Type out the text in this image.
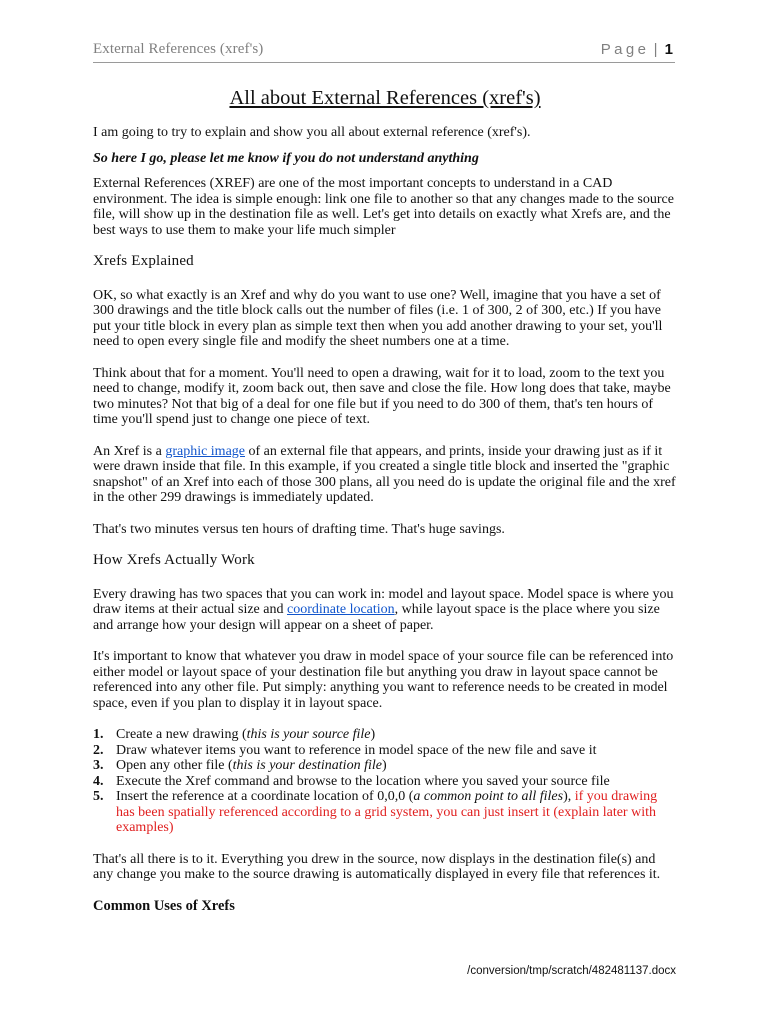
External References (xref's)	Page | 1
All about External References (xref's)

I am going to try to explain and show you all about external reference (xref's).

So here I go, please let me know if you do not understand anything

External References (XREF) are one of the most important concepts to understand in a CAD environment. The idea is simple enough: link one file to another so that any changes made to the source file, will show up in the destination file as well. Let's get into details on exactly what Xrefs are, and the best ways to use them to make your life much simpler

Xrefs Explained

OK, so what exactly is an Xref and why do you want to use one? Well, imagine that you have a set of 300 drawings and the title block calls out the number of files (i.e. 1 of 300, 2 of 300, etc.) If you have put your title block in every plan as simple text then when you add another drawing to your set, you'll need to open every single file and modify the sheet numbers one at a time.

Think about that for a moment. You'll need to open a drawing, wait for it to load, zoom to the text you need to change, modify it, zoom back out, then save and close the file. How long does that take, maybe two minutes? Not that big of a deal for one file but if you need to do 300 of them, that's ten hours of time you'll spend just to change one piece of text.

An Xref is a graphic image of an external file that appears, and prints, inside your drawing just as if it were drawn inside that file. In this example, if you created a single title block and inserted the "graphic snapshot" of an Xref into each of those 300 plans, all you need do is update the original file and the xref in the other 299 drawings is immediately updated.

That's two minutes versus ten hours of drafting time. That's huge savings.

How Xrefs Actually Work

Every drawing has two spaces that you can work in: model and layout space. Model space is where you draw items at their actual size and coordinate location, while layout space is the place where you size and arrange how your design will appear on a sheet of paper.

It's important to know that whatever you draw in model space of your source file can be referenced into either model or layout space of your destination file but anything you draw in layout space cannot be referenced into any other file. Put simply: anything you want to reference needs to be created in model space, even if you plan to display it in layout space.

1. Create a new drawing (this is your source file)
2. Draw whatever items you want to reference in model space of the new file and save it
3. Open any other file (this is your destination file)
4. Execute the Xref command and browse to the location where you saved your source file
5. Insert the reference at a coordinate location of 0,0,0 (a common point to all files), if you drawing has been spatially referenced according to a grid system, you can just insert it (explain later with examples)

That's all there is to it. Everything you drew in the source, now displays in the destination file(s) and any change you make to the source drawing is automatically displayed in every file that references it.

Common Uses of Xrefs
/conversion/tmp/scratch/482481137.docx
